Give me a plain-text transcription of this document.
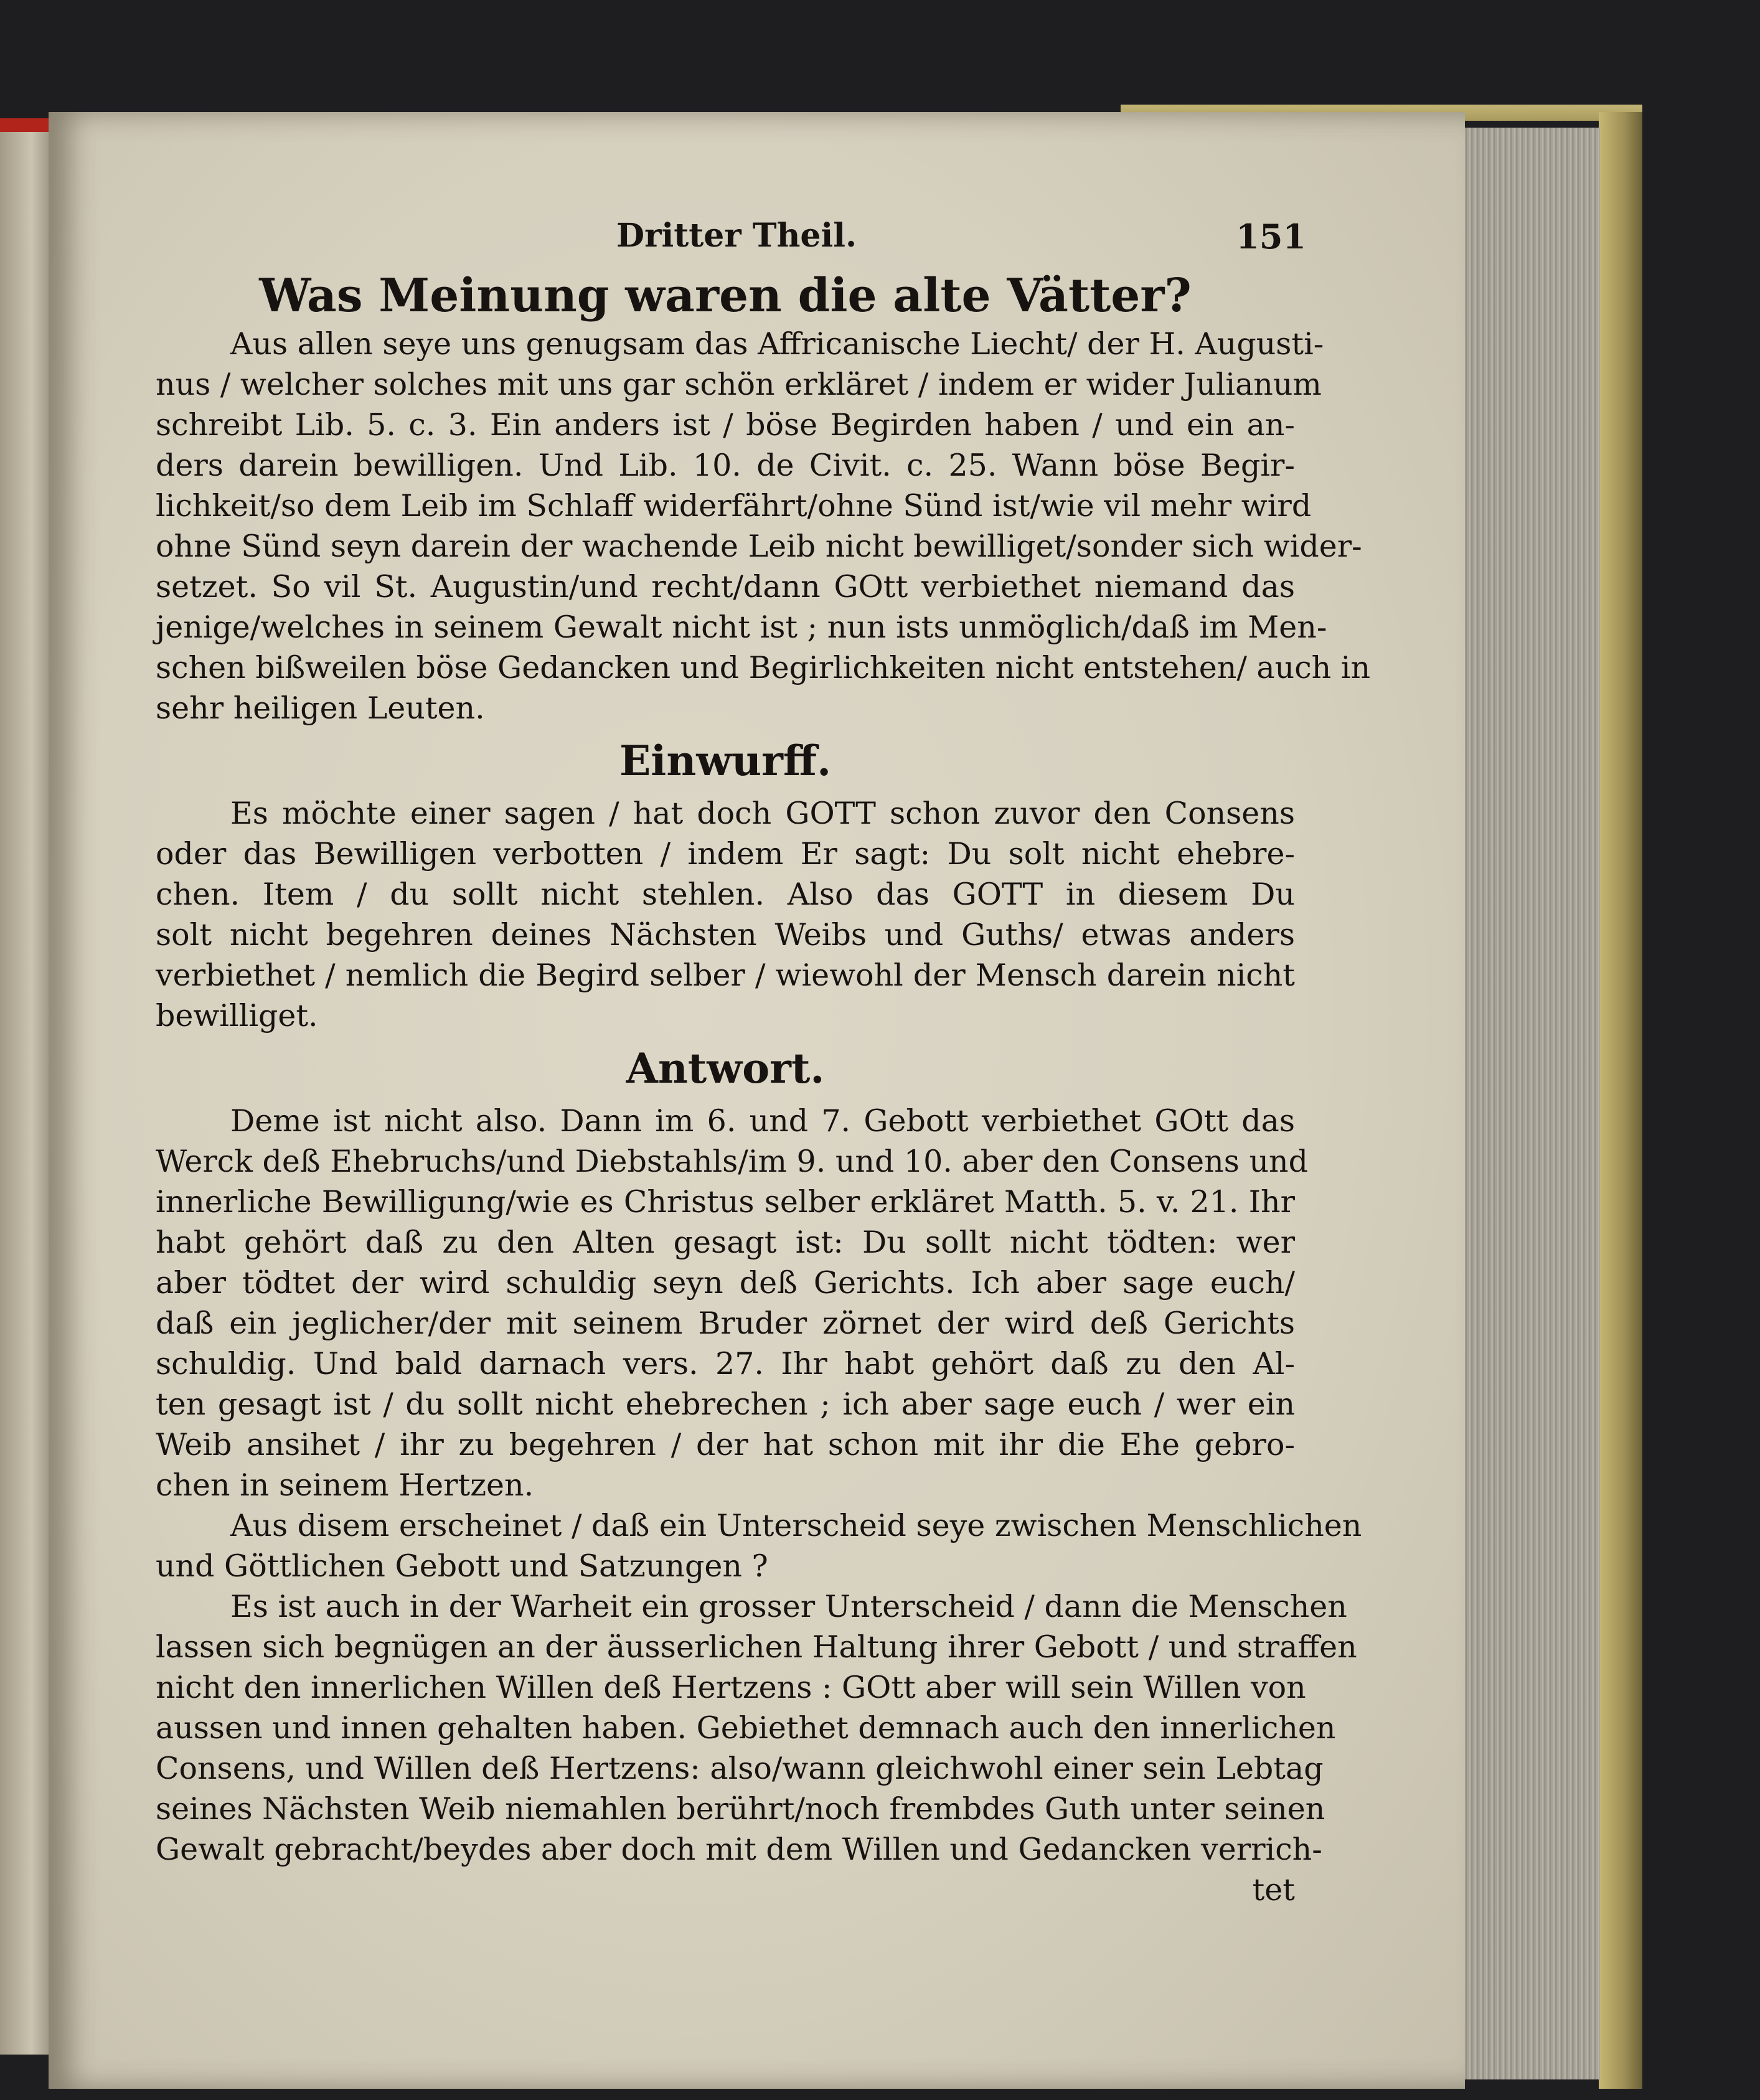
Dritter Theil.	151

Was Meinung waren die alte Vätter?
Aus allen seye uns genugsam das Affricanische Liecht/ der H. Augusti-
nus / welcher solches mit uns gar schön erkläret / indem er wider Julianum
schreibt Lib. 5. c. 3. Ein anders ist / böse Begirden haben / und ein an-
ders darein bewilligen. Und Lib. 10. de Civit. c. 25. Wann böse Begir-
lichkeit/so dem Leib im Schlaff widerfährt/ohne Sünd ist/wie vil mehr wird
ohne Sünd seyn darein der wachende Leib nicht bewilliget/sonder sich wider-
setzet. So vil St. Augustin/und recht/dann GOtt verbiethet niemand das
jenige/welches in seinem Gewalt nicht ist ; nun ists unmöglich/daß im Men-
schen bißweilen böse Gedancken und Begirlichkeiten nicht entstehen/ auch in
sehr heiligen Leuten.
Einwurff.
Es möchte einer sagen / hat doch GOTT schon zuvor den Consens
oder das Bewilligen verbotten / indem Er sagt: Du solt nicht ehebre-
chen. Item / du sollt nicht stehlen. Also das GOTT in diesem Du
solt nicht begehren deines Nächsten Weibs und Guths/ etwas anders
verbiethet / nemlich die Begird selber / wiewohl der Mensch darein nicht
bewilliget.
Antwort.
Deme ist nicht also. Dann im 6. und 7. Gebott verbiethet GOtt das
Werck deß Ehebruchs/und Diebstahls/im 9. und 10. aber den Consens und
innerliche Bewilligung/wie es Christus selber erkläret Matth. 5. v. 21. Ihr
habt gehört daß zu den Alten gesagt ist: Du sollt nicht tödten: wer
aber tödtet der wird schuldig seyn deß Gerichts. Ich aber sage euch/
daß ein jeglicher/der mit seinem Bruder zörnet der wird deß Gerichts
schuldig. Und bald darnach vers. 27. Ihr habt gehört daß zu den Al-
ten gesagt ist / du sollt nicht ehebrechen ; ich aber sage euch / wer ein
Weib ansihet / ihr zu begehren / der hat schon mit ihr die Ehe gebro-
chen in seinem Hertzen.
Aus disem erscheinet / daß ein Unterscheid seye zwischen Menschlichen
und Göttlichen Gebott und Satzungen ?
Es ist auch in der Warheit ein grosser Unterscheid / dann die Menschen
lassen sich begnügen an der äusserlichen Haltung ihrer Gebott / und straffen
nicht den innerlichen Willen deß Hertzens : GOtt aber will sein Willen von
aussen und innen gehalten haben. Gebiethet demnach auch den innerlichen
Consens, und Willen deß Hertzens: also/wann gleichwohl einer sein Lebtag
seines Nächsten Weib niemahlen berührt/noch frembdes Guth unter seinen
Gewalt gebracht/beydes aber doch mit dem Willen und Gedancken verrich-
tet
